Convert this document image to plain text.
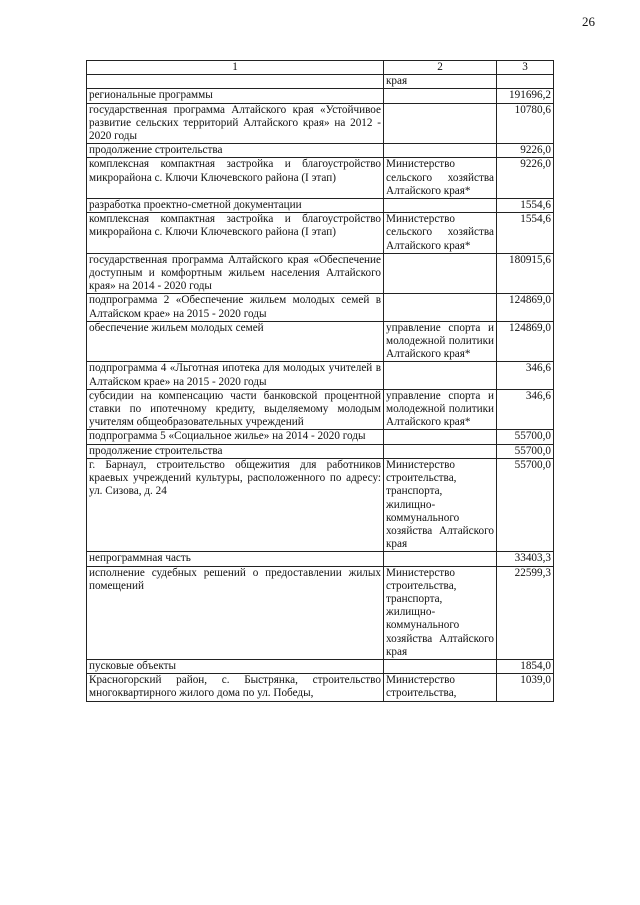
26
1	2	3
	края	
региональные программы		191696,2
государственная программа Алтайского края «Устойчивое развитие сельских территорий Алтайского края» на 2012 - 2020 годы		10780,6
продолжение строительства		9226,0
комплексная компактная застройка и благоустройство микрорайона с. Ключи Ключевского района (I этап)	Министерство сельского хозяйства Алтайского края*	9226,0
разработка проектно-сметной документации		1554,6
комплексная компактная застройка и благоустройство микрорайона с. Ключи Ключевского района (I этап)	Министерство сельского хозяйства Алтайского края*	1554,6
государственная программа Алтайского края «Обеспечение доступным и комфортным жильем населения Алтайского края» на 2014 - 2020 годы		180915,6
подпрограмма 2 «Обеспечение жильем молодых семей в Алтайском крае» на 2015 - 2020 годы		124869,0
обеспечение жильем молодых семей	управление спорта и молодежной политики Алтайского края*	124869,0
подпрограмма 4 «Льготная ипотека для молодых учителей в Алтайском крае» на 2015 - 2020 годы		346,6
субсидии на компенсацию части банковской процентной ставки по ипотечному кредиту, выделяемому молодым учителям общеобразовательных учреждений	управление спорта и молодежной политики Алтайского края*	346,6
подпрограмма 5 «Социальное жилье» на 2014 - 2020 годы		55700,0
продолжение строительства		55700,0
г. Барнаул, строительство общежития для работников краевых учреждений культуры, расположенного по адресу: ул. Сизова, д. 24	Министерство строительства, транспорта, жилищно-коммунального хозяйства Алтайского края	55700,0
непрограммная часть		33403,3
исполнение судебных решений о предоставлении жилых помещений	Министерство строительства, транспорта, жилищно-коммунального хозяйства Алтайского края	22599,3
пусковые объекты		1854,0
Красногорский район, с. Быстрянка, строительство многоквартирного жилого дома по ул. Победы,	Министерство строительства,	1039,0
